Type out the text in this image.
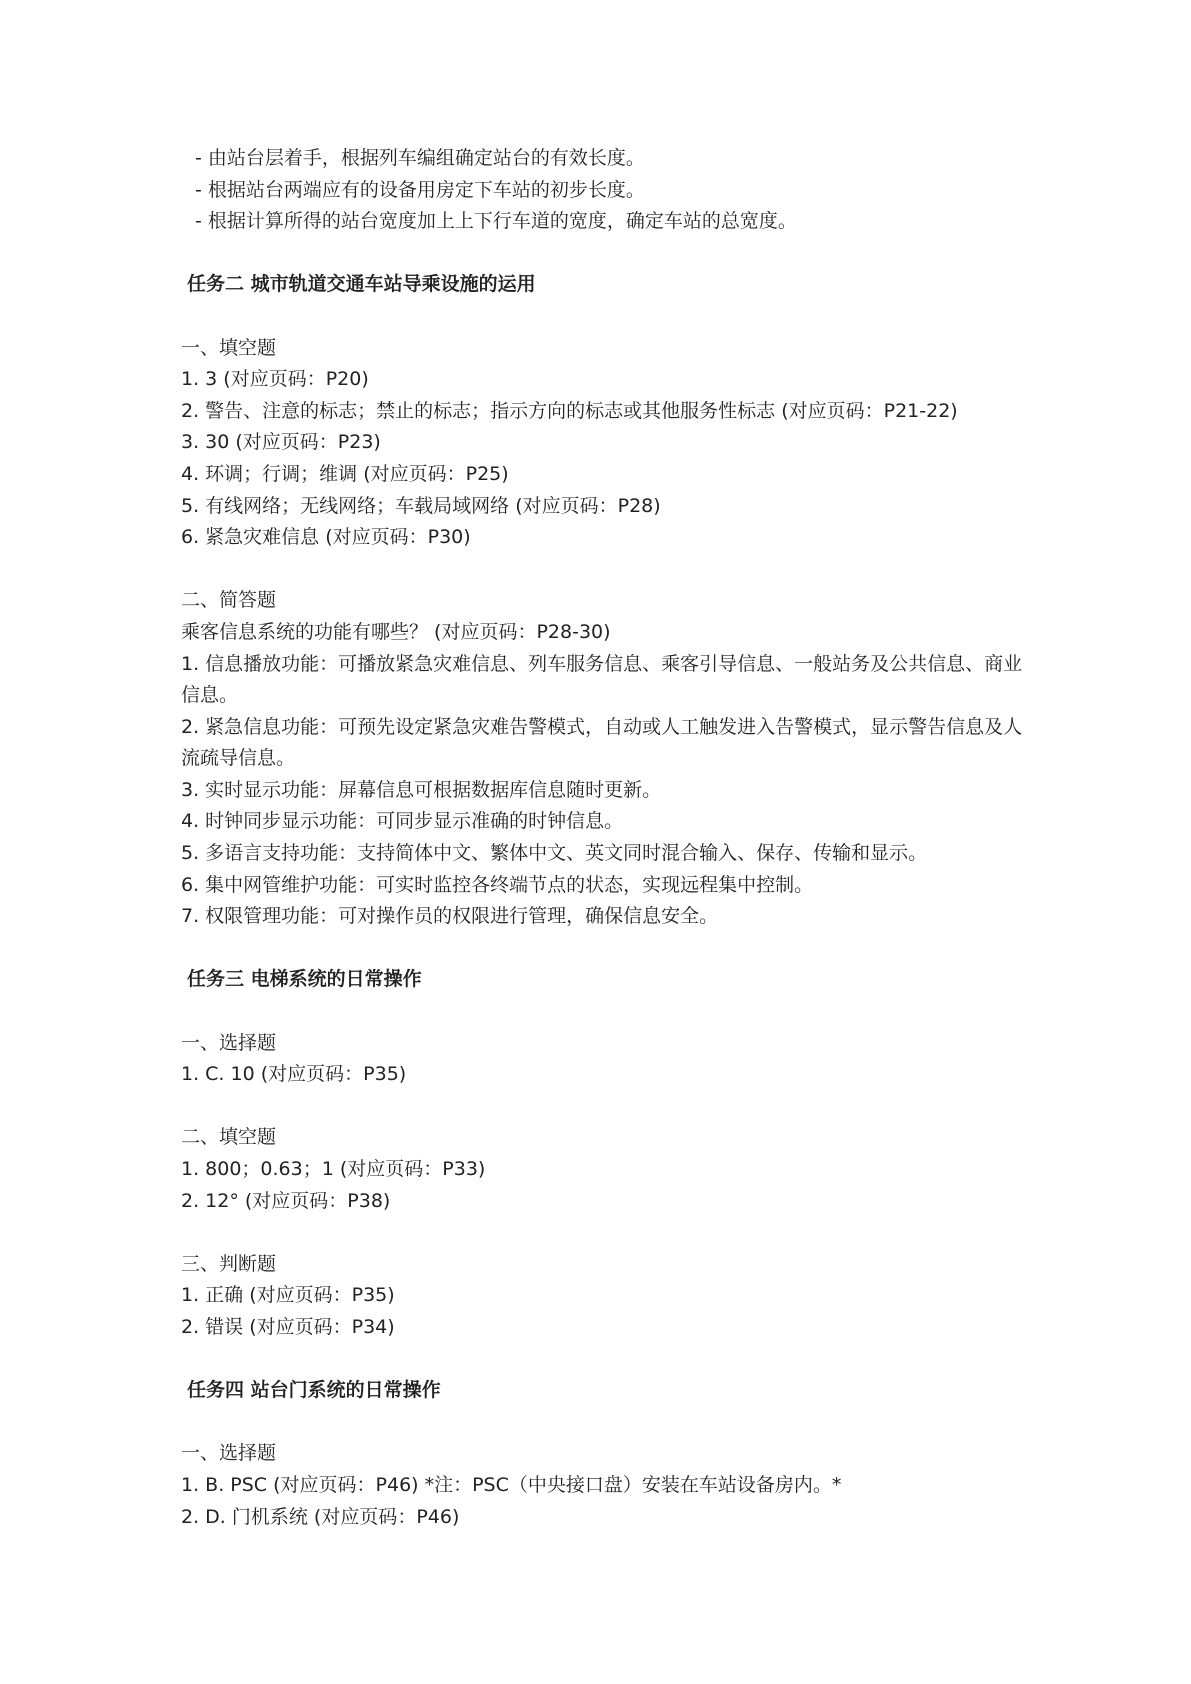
- 由站台层着手，根据列车编组确定站台的有效长度。

- 根据站台两端应有的设备用房定下车站的初步长度。

- 根据计算所得的站台宽度加上上下行车道的宽度，确定车站的总宽度。

任务二 城市轨道交通车站导乘设施的运用

一、填空题

1. 3 (对应页码：P20)

2. 警告、注意的标志；禁止的标志；指示方向的标志或其他服务性标志 (对应页码：P21-22)

3. 30 (对应页码：P23)

4. 环调；行调；维调 (对应页码：P25)

5. 有线网络；无线网络；车载局域网络 (对应页码：P28)

6. 紧急灾难信息 (对应页码：P30)

二、简答题

乘客信息系统的功能有哪些？ (对应页码：P28-30)

1. 信息播放功能：可播放紧急灾难信息、列车服务信息、乘客引导信息、一般站务及公共信息、商业信息。

2. 紧急信息功能：可预先设定紧急灾难告警模式，自动或人工触发进入告警模式，显示警告信息及人流疏导信息。

3. 实时显示功能：屏幕信息可根据数据库信息随时更新。

4. 时钟同步显示功能：可同步显示准确的时钟信息。

5. 多语言支持功能：支持简体中文、繁体中文、英文同时混合输入、保存、传输和显示。

6. 集中网管维护功能：可实时监控各终端节点的状态，实现远程集中控制。

7. 权限管理功能：可对操作员的权限进行管理，确保信息安全。

任务三 电梯系统的日常操作

一、选择题

1. C. 10 (对应页码：P35)

二、填空题

1. 800；0.63；1 (对应页码：P33)

2. 12° (对应页码：P38)

三、判断题

1. 正确 (对应页码：P35)

2. 错误 (对应页码：P34)

任务四 站台门系统的日常操作

一、选择题

1. B. PSC (对应页码：P46) *注：PSC（中央接口盘）安装在车站设备房内。*

2. D. 门机系统 (对应页码：P46)
